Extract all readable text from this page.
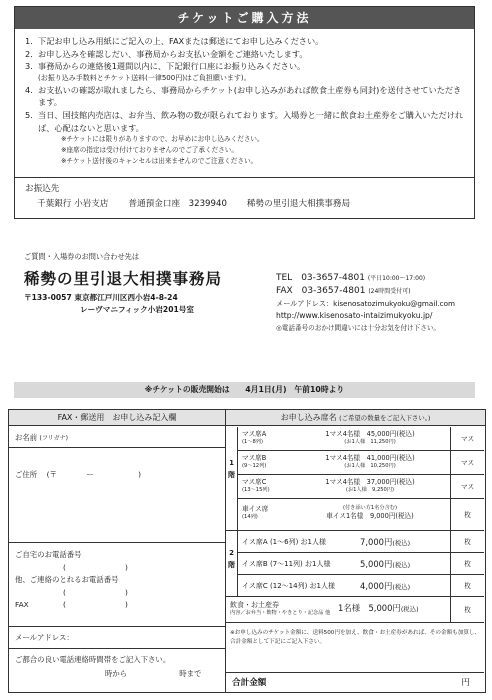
チケットご購入方法
1. 下記お申し込み用紙にご記入の上、FAXまたは郵送にてお申し込みください。
2. お申し込みを確認しだい、事務局からお支払い金額をご連絡いたします。
3. 事務局からの連絡後1週間以内に、下記銀行口座にお振り込みください。
(お振り込み手数料とチケット送料(一律500円)はご負担願います)。
4. お支払いの確認が取れましたら、事務局からチケット(お申し込みがあれば飲食土産券も同封)を送付させていただきます。
5. 当日、国技館内売店は、お弁当、飲み物の数が限られております。入場券と一緒に飲食お土産券をご購入いただければ、心配はないと思います。
※チケットには限りがありますので、お早めにお申し込みください。
※座席の指定は受け付けておりませんのでご了承ください。
※チケット送付後のキャンセルは出来ませんのでご注意ください。
お振込先
千葉銀行 小岩支店 普通預金口座　3239940 稀勢の里引退大相撲事務局
ご質問・入場券のお問い合わせ先は
稀勢の里引退大相撲事務局
〒133-0057 東京都江戸川区西小岩4-8-24
レーヴマニフィック小岩201号室
TEL　03-3657-4801 (平日10:00～17:00)
FAX　03-3657-4801 (24時間受付可)
メールアドレス：kisenosatozimukyoku@gmail.com
http://www.kisenosato-intaizimukyoku.jp/
◎電話番号のおかけ間違いには十分お気を付け下さい。
※チケットの販売開始は　　4月1日(月)　午前10時より
FAX・郵送用　お申し込み記入欄
お名前 (フリガナ)
ご住所 (〒　　　　ー　　　　　　)
ご自宅のお電話番号
(　　　　　　　　)
他、ご連絡のとれるお電話番号
(　　　　　　　　)
FAX	(　　　　　　　　)
メールアドレス：
ご都合の良い電話連絡時間帯をご記入下さい。
時から	時まで
お申し込み席名 (ご希望の数量をご記入下さい。)
1階
マス席A
(1～8列)
1マス4名様　45,000円(税込)
(お1人様　11,250円)	マス
マス席B
(9～12列)
1マス4名様　41,000円(税込)
(お1人様　10,250円)	マス
マス席C
(13～15列)
1マス4名様　37,000円(税込)
(お1人様　9,250円)	マス
車イス席
(14列)
(付き添い方1名分含む)
車イス1名様　9,000円(税込)	枚
2階
イス席A (1～6列) お1人様	7,000円(税込)	枚
イス席B (7～11列) お1人様	5,000円(税込)	枚
イス席C (12～14列) お1人様	4,000円(税込)	枚
飲食・お土産券
内容／お弁当・飲物・やきとり・記念品 他 1名様　5,000円(税込)	枚
※お申し込みのチケット金額に、送料500円を加え、飲食・お土産券があれば、その金額も加算し、合計金額として下記にご記入下さい。
合計金額	円
